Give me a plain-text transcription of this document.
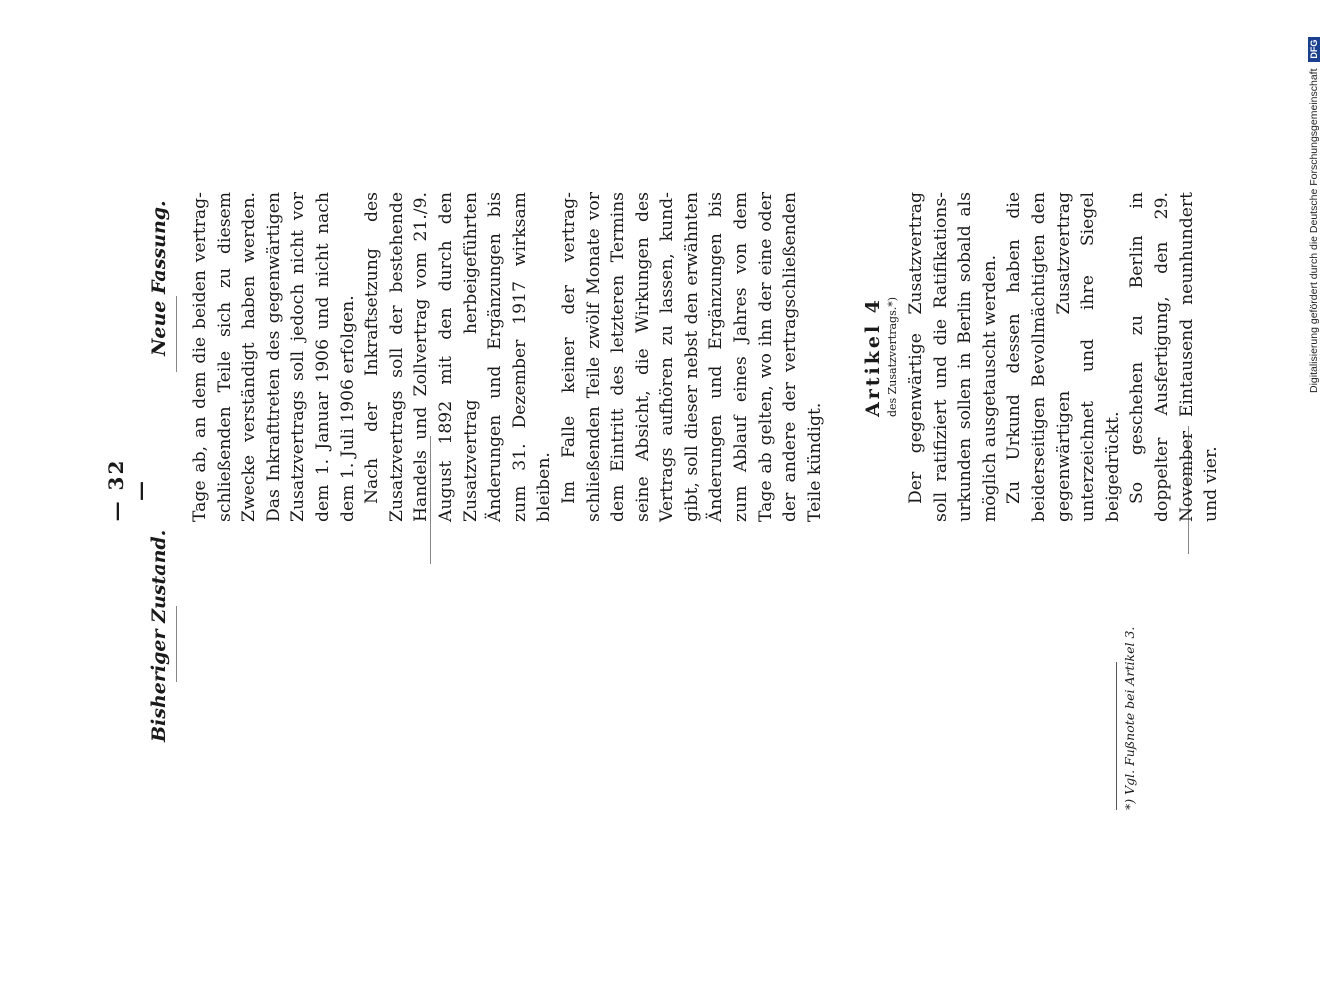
— 32 —
Bisheriger Zustand.
Neue Fassung. Tage ab, an dem die beiden vertragschließenden Teile sich zu diesem Zwecke verständigt haben werden. Das Inkrafttreten des gegenwärtigen Zusatzvertrags soll jedoch nicht vor dem 1. Januar 1906 und nicht nach dem 1. Juli 1906 erfolgen. Nach der Inkraftsetzung des Zusatzvertrags soll der bestehende Handels und Zollvertrag vom 21./9. August 1892 mit den durch den Zusatzvertrag herbeigeführten Änderungen und Ergänzungen bis zum 31. Dezember 1917 wirksam bleiben. Im Falle keiner der vertragschließenden Teile zwölf Monate vor dem Eintritt des letzteren Termins seine Absicht, die Wirkungen des Vertrags aufhören zu lassen, kundgibt, soll dieser nebst den erwähnten Änderungen und Ergänzungen bis zum Ablauf eines Jahres von dem Tage ab gelten, wo ihn der eine oder der andere der vertragschließenden Teile kündigt.

Artikel 4 des Zusatzvertrags.*) Der gegenwärtige Zusatzvertrag soll ratifiziert und die Ratifikationsurkunden sollen in Berlin sobald als möglich ausgetauscht werden. Zu Urkund dessen haben die beiderseitigen Bevollmächtigten den gegenwärtigen Zusatzvertrag unterzeichnet und ihre Siegel beigedrückt. So geschehen zu Berlin in doppelter Ausfertigung, den 29. November Eintausend neunhundert und vier.

*) Vgl. Fußnote bei Artikel 3.
Digitalisierung gefördert durch die Deutsche Forschungsgemeinschaft DFG
